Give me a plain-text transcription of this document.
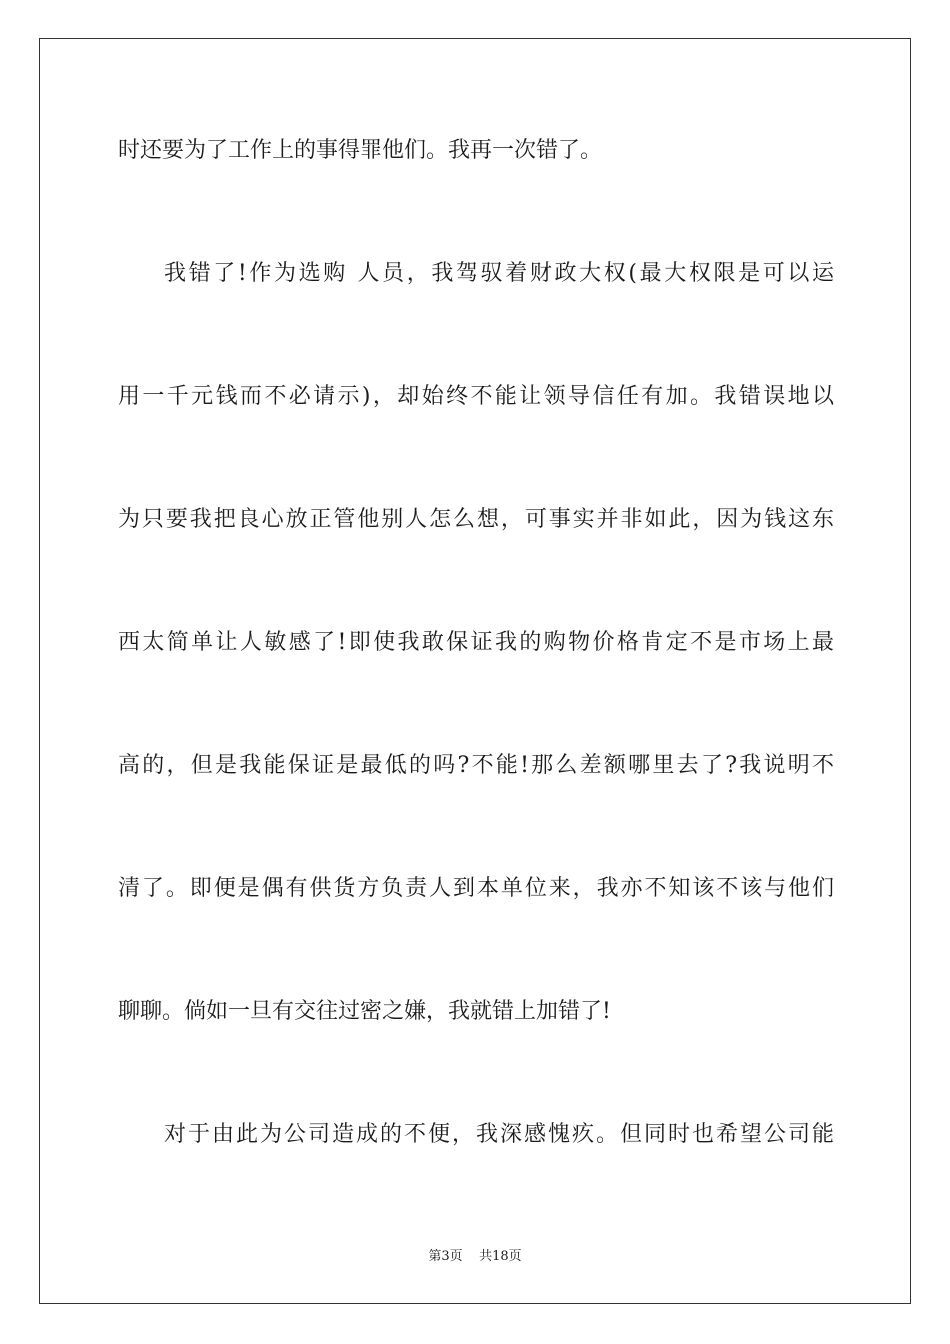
时还要为了工作上的事得罪他们。我再一次错了。
我错了!作为选购 人员，我驾驭着财政大权(最大权限是可以运
用一千元钱而不必请示)，却始终不能让领导信任有加。我错误地以
为只要我把良心放正管他别人怎么想，可事实并非如此，因为钱这东
西太简单让人敏感了!即使我敢保证我的购物价格肯定不是市场上最
高的，但是我能保证是最低的吗?不能!那么差额哪里去了?我说明不
清了。即便是偶有供货方负责人到本单位来，我亦不知该不该与他们
聊聊。倘如一旦有交往过密之嫌，我就错上加错了!
对于由此为公司造成的不便，我深感愧疚。但同时也希望公司能
第3页 共18页
